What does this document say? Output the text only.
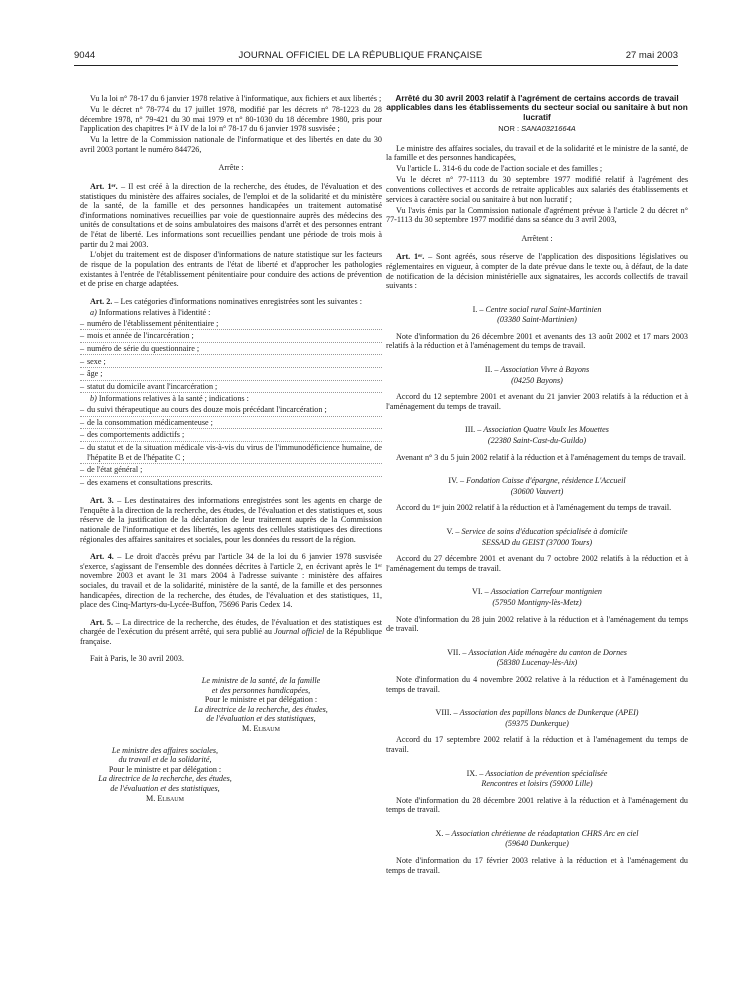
9044	JOURNAL OFFICIEL DE LA RÉPUBLIQUE FRANÇAISE	27 mai 2003

Vu la loi n° 78-17 du 6 janvier 1978 relative à l'informatique, aux fichiers et aux libertés ;

Vu le décret n° 78-774 du 17 juillet 1978, modifié par les décrets n° 78-1223 du 28 décembre 1978, n° 79-421 du 30 mai 1979 et n° 80-1030 du 18 décembre 1980, pris pour l'application des chapitres Iᵉʳ à IV de la loi n° 78-17 du 6 janvier 1978 susvisée ;

Vu la lettre de la Commission nationale de l'informatique et des libertés en date du 30 avril 2003 portant le numéro 844726,

Arrête :

Art. 1ᵉʳ. – Il est créé à la direction de la recherche, des études, de l'évaluation et des statistiques du ministère des affaires sociales, de l'emploi et de la solidarité et du ministère de la santé, de la famille et des personnes handicapées un traitement automatisé d'informations nominatives recueillies par voie de questionnaire auprès des médecins des unités de consultations et de soins ambulatoires des maisons d'arrêt et des personnes entrant de l'état de liberté. Les informations sont recueillies pendant une période de trois mois à partir du 2 mai 2003.

L'objet du traitement est de disposer d'informations de nature statistique sur les facteurs de risque de la population des entrants de l'état de liberté et d'approcher les pathologies existantes à l'entrée de l'établissement pénitentiaire pour conduire des actions de prévention et de prise en charge adaptées.

Art. 2. – Les catégories d'informations nominatives enregistrées sont les suivantes :

a) Informations relatives à l'identité :

– numéro de l'établissement pénitentiaire ;
– mois et année de l'incarcération ;
– numéro de série du questionnaire ;
– sexe ;
– âge ;
– statut du domicile avant l'incarcération ;

b) Informations relatives à la santé ; indications :

– du suivi thérapeutique au cours des douze mois précédant l'incarcération ;
– de la consommation médicamenteuse ;
– des comportements addictifs ;
– du statut et de la situation médicale vis-à-vis du virus de l'immunodéficience humaine, de l'hépatite B et de l'hépatite C ;
– de l'état général ;
– des examens et consultations prescrits.

Art. 3. – Les destinataires des informations enregistrées sont les agents en charge de l'enquête à la direction de la recherche, des études, de l'évaluation et des statistiques et, sous réserve de la justification de la déclaration de leur traitement auprès de la Commission nationale de l'informatique et des libertés, les agents des cellules statistiques des directions régionales des affaires sanitaires et sociales, pour les données du ressort de la région.

Art. 4. – Le droit d'accès prévu par l'article 34 de la loi du 6 janvier 1978 susvisée s'exerce, s'agissant de l'ensemble des données décrites à l'article 2, en écrivant après le 1ᵉʳ novembre 2003 et avant le 31 mars 2004 à l'adresse suivante : ministère des affaires sociales, du travail et de la solidarité, ministère de la santé, de la famille et des personnes handicapées, direction de la recherche, des études, de l'évaluation et des statistiques, 11, place des Cinq-Martyrs-du-Lycée-Buffon, 75696 Paris Cedex 14.

Art. 5. – La directrice de la recherche, des études, de l'évaluation et des statistiques est chargée de l'exécution du présent arrêté, qui sera publié au Journal officiel de la République française.

Fait à Paris, le 30 avril 2003.

Le ministre de la santé, de la famille

et des personnes handicapées,

Pour le ministre et par délégation :

La directrice de la recherche, des études,

de l'évaluation et des statistiques,

M. Elbaum

Le ministre des affaires sociales,

du travail et de la solidarité,

Pour le ministre et par délégation :

La directrice de la recherche, des études,

de l'évaluation et des statistiques,

M. Elbaum

Arrêté du 30 avril 2003 relatif à l'agrément de certains accords de travail applicables dans les établissements du secteur social ou sanitaire à but non lucratif

NOR : SANA0321664A

Le ministre des affaires sociales, du travail et de la solidarité et le ministre de la santé, de la famille et des personnes handicapées,

Vu l'article L. 314-6 du code de l'action sociale et des familles ;

Vu le décret n° 77-1113 du 30 septembre 1977 modifié relatif à l'agrément des conventions collectives et accords de retraite applicables aux salariés des établissements et services à caractère social ou sanitaire à but non lucratif ;

Vu l'avis émis par la Commission nationale d'agrément prévue à l'article 2 du décret n° 77-1113 du 30 septembre 1977 modifié dans sa séance du 3 avril 2003,

Arrêtent :

Art. 1ᵉʳ. – Sont agréés, sous réserve de l'application des dispositions législatives ou réglementaires en vigueur, à compter de la date prévue dans le texte ou, à défaut, de la date de notification de la décision ministérielle aux signataires, les accords collectifs de travail suivants :

I. – Centre social rural Saint-Martinien

(03380 Saint-Martinien)

Note d'information du 26 décembre 2001 et avenants des 13 août 2002 et 17 mars 2003 relatifs à la réduction et à l'aménagement du temps de travail.

II. – Association Vivre à Bayons

(04250 Bayons)

Accord du 12 septembre 2001 et avenant du 21 janvier 2003 relatifs à la réduction et à l'aménagement du temps de travail.

III. – Association Quatre Vaulx les Mouettes

(22380 Saint-Cast-du-Guildo)

Avenant n° 3 du 5 juin 2002 relatif à la réduction et à l'aménagement du temps de travail.

IV. – Fondation Caisse d'épargne, résidence L'Accueil

(30600 Vauvert)

Accord du 1ᵉʳ juin 2002 relatif à la réduction et à l'aménagement du temps de travail.

V. – Service de soins d'éducation spécialisée à domicile

SESSAD du GEIST (37000 Tours)

Accord du 27 décembre 2001 et avenant du 7 octobre 2002 relatifs à la réduction et à l'aménagement du temps de travail.

VI. – Association Carrefour montignien

(57950 Montigny-lès-Metz)

Note d'information du 28 juin 2002 relative à la réduction et à l'aménagement du temps de travail.

VII. – Association Aide ménagère du canton de Dornes

(58380 Lucenay-lès-Aix)

Note d'information du 4 novembre 2002 relative à la réduction et à l'aménagement du temps de travail.

VIII. – Association des papillons blancs de Dunkerque (APEI)

(59375 Dunkerque)

Accord du 17 septembre 2002 relatif à la réduction et à l'aménagement du temps de travail.

IX. – Association de prévention spécialisée

Rencontres et loisirs (59000 Lille)

Note d'information du 28 décembre 2001 relative à la réduction et à l'aménagement du temps de travail.

X. – Association chrétienne de réadaptation CHRS Arc en ciel

(59640 Dunkerque)

Note d'information du 17 février 2003 relative à la réduction et à l'aménagement du temps de travail.
